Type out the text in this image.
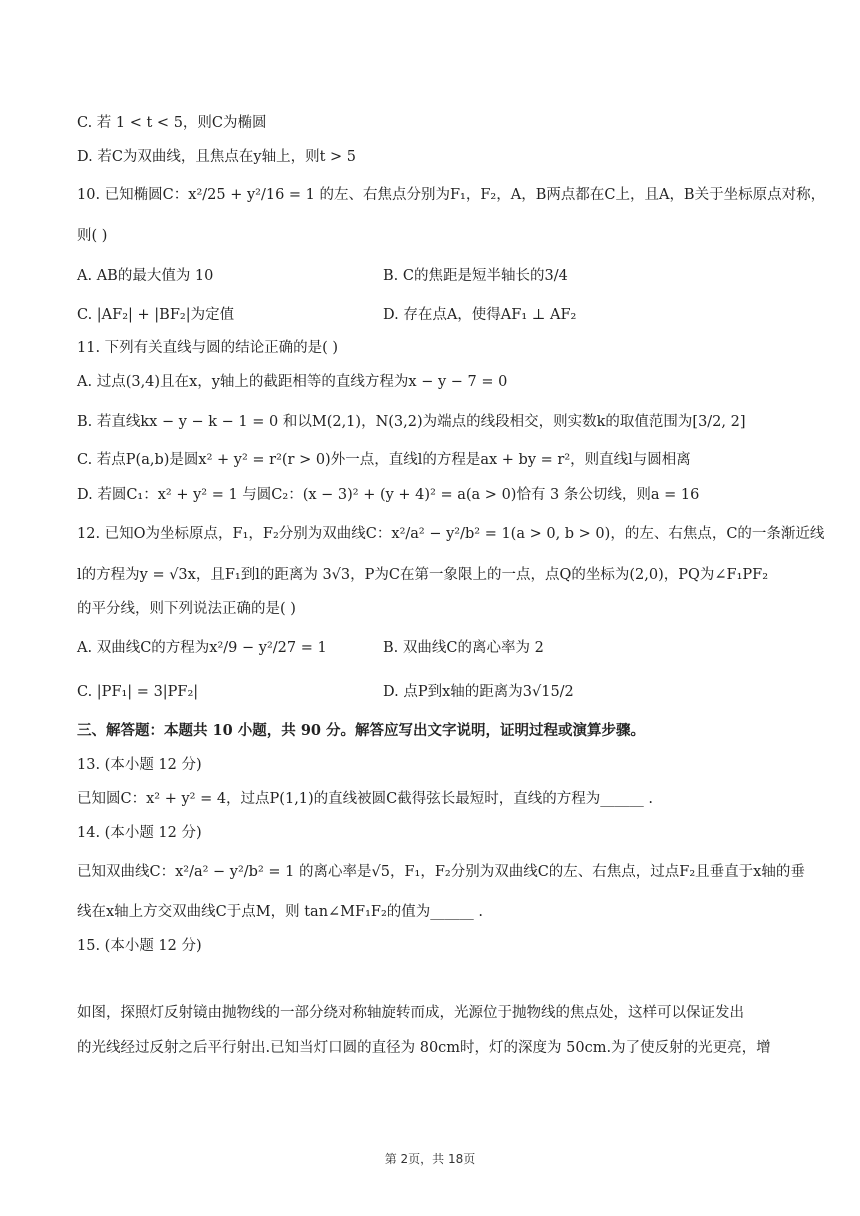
C. 若 1 < t < 5，则C为椭圆
D. 若C为双曲线，且焦点在y轴上，则t > 5
10. 已知椭圆C：x²/25 + y²/16 = 1 的左、右焦点分别为F₁，F₂，A，B两点都在C上，且A，B关于坐标原点对称，
则( )
A. AB的最大值为 10	B. C的焦距是短半轴长的3/4
C. |AF₂| + |BF₂|为定值	D. 存在点A，使得AF₁ ⊥ AF₂
11. 下列有关直线与圆的结论正确的是( )
A. 过点(3,4)且在x，y轴上的截距相等的直线方程为x − y − 7 = 0
B. 若直线kx − y − k − 1 = 0 和以M(2,1)，N(3,2)为端点的线段相交，则实数k的取值范围为[3/2, 2]
C. 若点P(a,b)是圆x² + y² = r²(r > 0)外一点，直线l的方程是ax + by = r²，则直线l与圆相离
D. 若圆C₁：x² + y² = 1 与圆C₂：(x − 3)² + (y + 4)² = a(a > 0)恰有 3 条公切线，则a = 16
12. 已知O为坐标原点，F₁，F₂分别为双曲线C：x²/a² − y²/b² = 1(a > 0, b > 0)，的左、右焦点，C的一条渐近线
l的方程为y = √3x，且F₁到l的距离为 3√3，P为C在第一象限上的一点，点Q的坐标为(2,0)，PQ为∠F₁PF₂
的平分线，则下列说法正确的是( )
A. 双曲线C的方程为x²/9 − y²/27 = 1	B. 双曲线C的离心率为 2
C. |PF₁| = 3|PF₂|	D. 点P到x轴的距离为3√15/2
三、解答题：本题共 10 小题，共 90 分。解答应写出文字说明，证明过程或演算步骤。
13. (本小题 12 分)
已知圆C：x² + y² = 4，过点P(1,1)的直线被圆C截得弦长最短时，直线的方程为______ .
14. (本小题 12 分)
已知双曲线C：x²/a² − y²/b² = 1 的离心率是√5，F₁，F₂分别为双曲线C的左、右焦点，过点F₂且垂直于x轴的垂
线在x轴上方交双曲线C于点M，则 tan∠MF₁F₂的值为______ .
15. (本小题 12 分)
如图，探照灯反射镜由抛物线的一部分绕对称轴旋转而成，光源位于抛物线的焦点处，这样可以保证发出
的光线经过反射之后平行射出.已知当灯口圆的直径为 80cm时，灯的深度为 50cm.为了使反射的光更亮，增
第 2页，共 18页
